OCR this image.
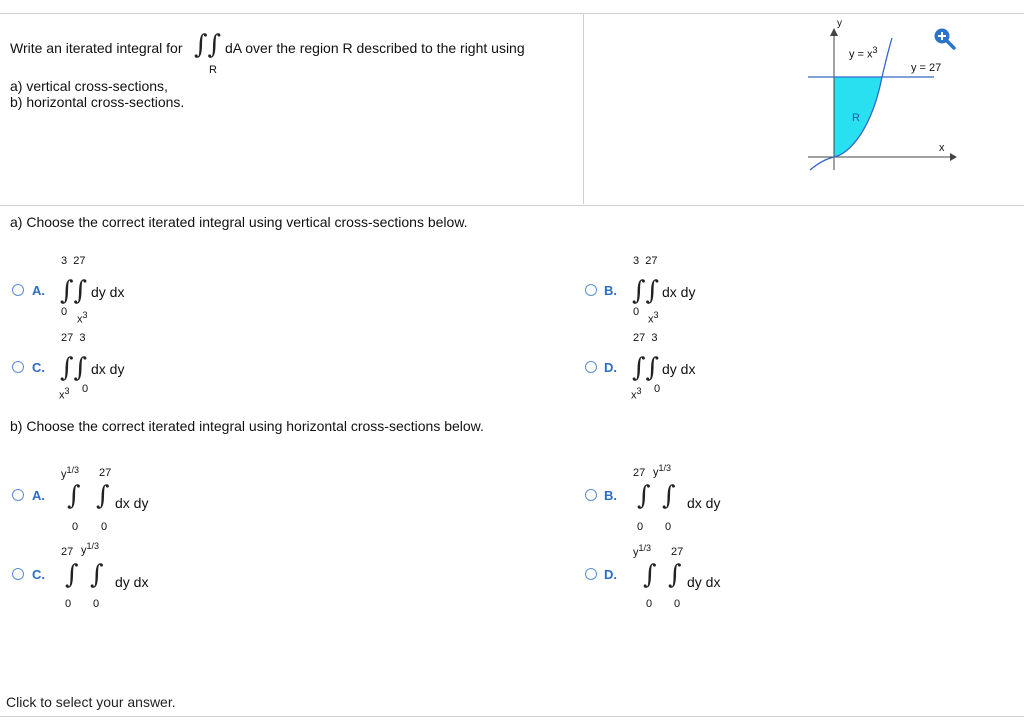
Write an iterated integral for ∫∫
R
dA over the region R described to the right using
a) vertical cross-sections,
b) horizontal cross-sections.
$y = x^3$
y = 27
R
x
y
a) Choose the correct iterated integral using vertical cross-sections below.
A.
3  27
∫∫ dy dx
0
$x^3$
B.
3  27
∫∫ dx dy
0
$x^3$
C.
27  3
∫∫ dx dy
$x^3$ 0
D.
27  3
∫∫ dy dx
$x^3$ 0
b) Choose the correct iterated integral using horizontal cross-sections below.
A.
$y^{1/3}$ 27
∫ ∫ dx dy
0 0
B.
27 $y^{1/3}$
∫ ∫ dx dy
0 0
C.
27 $y^{1/3}$
∫ ∫ dy dx
0 0
D.
$y^{1/3}$ 27
∫ ∫ dy dx
0 0
Click to select your answer.
